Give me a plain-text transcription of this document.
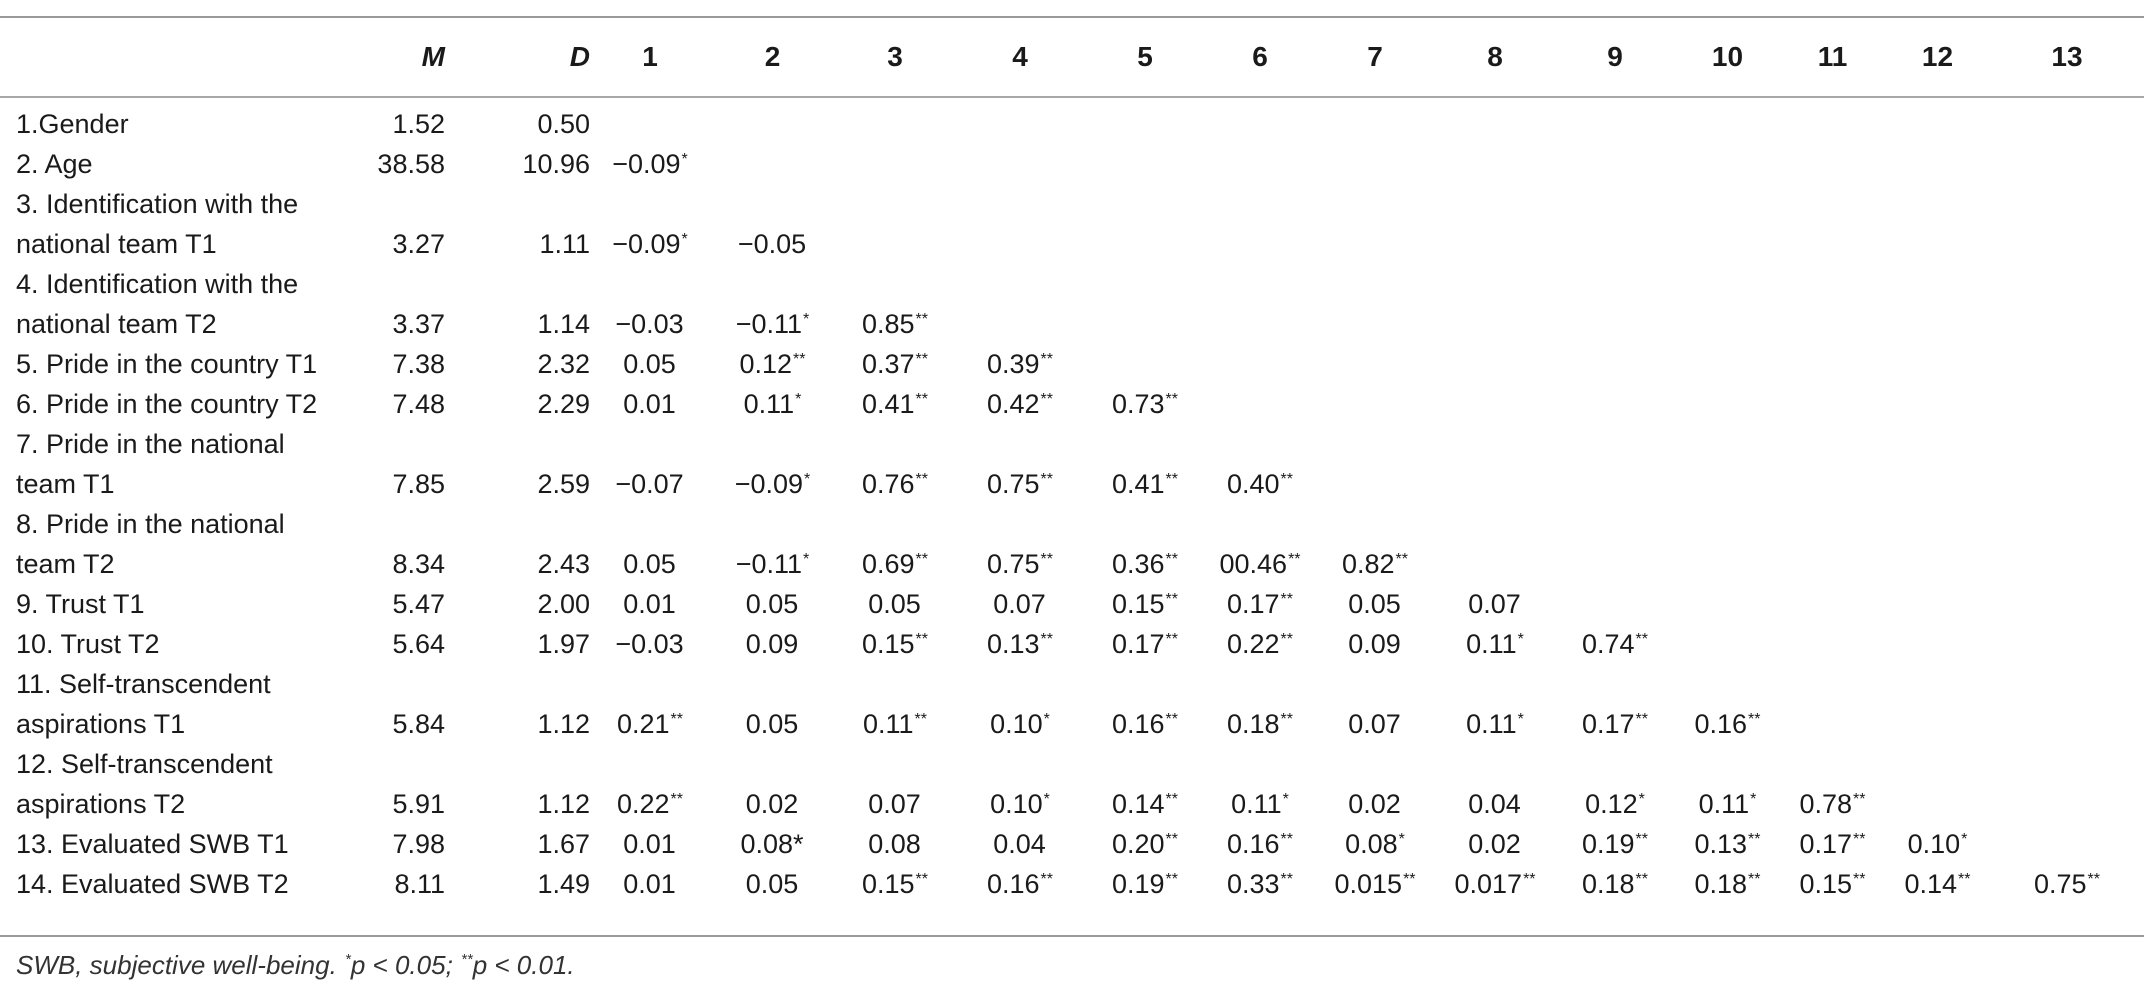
	M	D	1	2	3	4	5	6	7	8	9	10	11	12	13

1.Gender	1.52	0.50													
2. Age	38.58	10.96	−0.09*												
3. Identification with the															
national team T1	3.27	1.11	−0.09*	−0.05											
4. Identification with the															
national team T2	3.37	1.14	−0.03	−0.11*	0.85**										
5. Pride in the country T1	7.38	2.32	0.05	0.12**	0.37**	0.39**									
6. Pride in the country T2	7.48	2.29	0.01	0.11*	0.41**	0.42**	0.73**								
7. Pride in the national															
team T1	7.85	2.59	−0.07	−0.09*	0.76**	0.75**	0.41**	0.40**							
8. Pride in the national															
team T2	8.34	2.43	0.05	−0.11*	0.69**	0.75**	0.36**	00.46**	0.82**						
9. Trust T1	5.47	2.00	0.01	0.05	0.05	0.07	0.15**	0.17**	0.05	0.07					
10. Trust T2	5.64	1.97	−0.03	0.09	0.15**	0.13**	0.17**	0.22**	0.09	0.11*	0.74**				
11. Self-transcendent															
aspirations T1	5.84	1.12	0.21**	0.05	0.11**	0.10*	0.16**	0.18**	0.07	0.11*	0.17**	0.16**			
12. Self-transcendent															
aspirations T2	5.91	1.12	0.22**	0.02	0.07	0.10*	0.14**	0.11*	0.02	0.04	0.12*	0.11*	0.78**		
13. Evaluated SWB T1	7.98	1.67	0.01	0.08*	0.08	0.04	0.20**	0.16**	0.08*	0.02	0.19**	0.13**	0.17**	0.10*	
14. Evaluated SWB T2	8.11	1.49	0.01	0.05	0.15**	0.16**	0.19**	0.33**	0.015**	0.017**	0.18**	0.18**	0.15**	0.14**	0.75**
SWB, subjective well-being. *p < 0.05; **p < 0.01.
